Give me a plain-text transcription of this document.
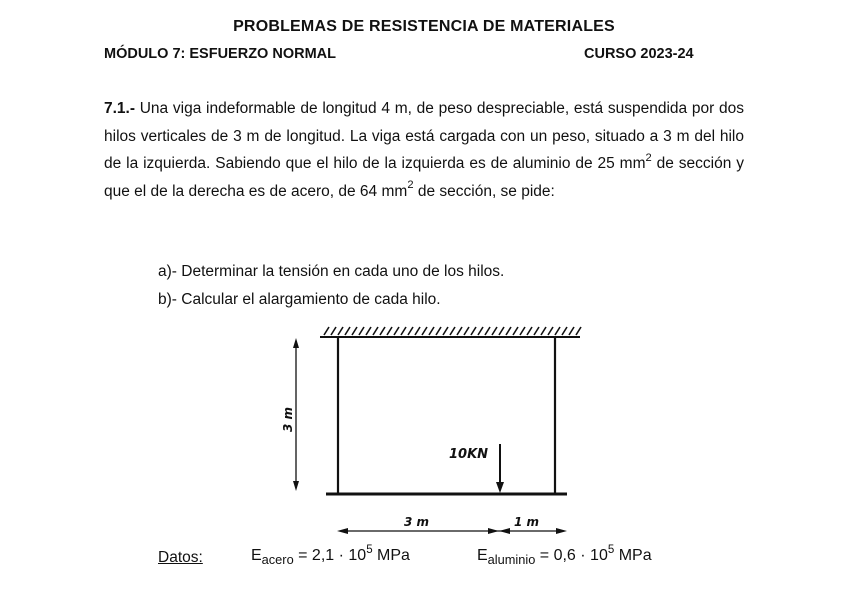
PROBLEMAS DE RESISTENCIA DE MATERIALES
MÓDULO 7: ESFUERZO NORMAL	CURSO 2023-24
7.1.- Una viga indeformable de longitud 4 m, de peso despreciable, está suspendida por dos hilos verticales de 3 m de longitud. La viga está cargada con un peso, situado a 3 m del hilo de la izquierda. Sabiendo que el hilo de la izquierda es de aluminio de 25 $mm^2$ de sección y que el de la derecha es de acero, de 64 $mm^2$ de sección, se pide:
a)- Determinar la tensión en cada uno de los hilos.
b)- Calcular el alargamiento de cada hilo.
10KN
3 m
3 m	1 m
Datos:	$E_{acero} = 2,1 \cdot 10^5$ MPa	$E_{aluminio} = 0,6 \cdot 10^5$ MPa
